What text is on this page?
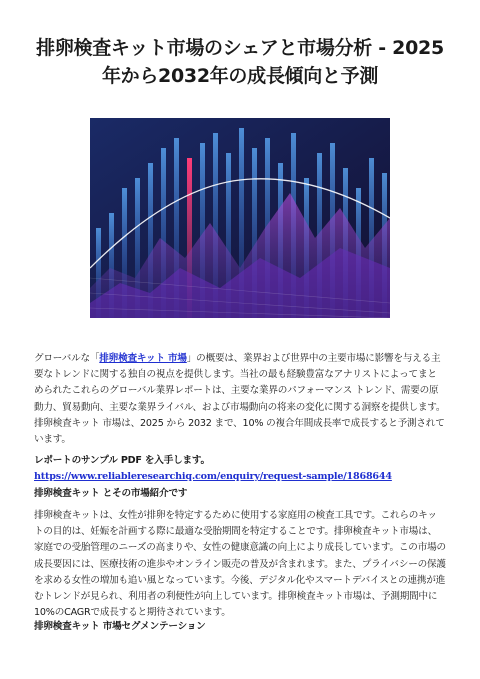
排卵検査キット市場のシェアと市場分析 - 2025
年から2032年の成長傾向と予測

グローバルな「排卵検査キット 市場」の概要は、業界および世界中の主要市場に影響を与える主要なトレンドに関する独自の視点を提供します。当社の最も経験豊富なアナリストによってまとめられたこれらのグローバル業界レポートは、主要な業界のパフォーマンス トレンド、需要の原動力、貿易動向、主要な業界ライバル、および市場動向の将来の変化に関する洞察を提供します。排卵検査キット 市場は、2025 から 2032 まで、10% の複合年間成長率で成長すると予測されています。

レポートのサンプル PDF を入手します。 https://www.reliableresearchiq.com/enquiry/request-sample/1868644

排卵検査キット とその市場紹介です

排卵検査キットは、女性が排卵を特定するために使用する家庭用の検査工具です。これらのキットの目的は、妊娠を計画する際に最適な受胎期間を特定することです。排卵検査キット市場は、家庭での受胎管理のニーズの高まりや、女性の健康意識の向上により成長しています。この市場の成長要因には、医療技術の進歩やオンライン販売の普及が含まれます。また、プライバシーの保護を求める女性の増加も追い風となっています。今後、デジタル化やスマートデバイスとの連携が進むトレンドが見られ、利用者の利便性が向上しています。排卵検査キット市場は、予測期間中に10%のCAGRで成長すると期待されています。

排卵検査キット 市場セグメンテーション
